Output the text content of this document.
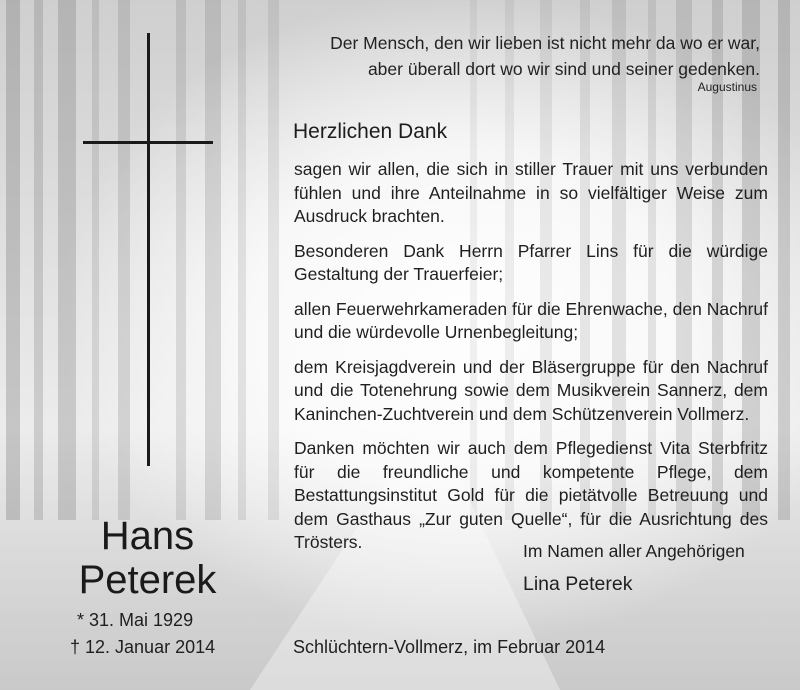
Der Mensch, den wir lieben ist nicht mehr da wo er war,
aber überall dort wo wir sind und seiner gedenken.
Augustinus
Herzlichen Dank

sagen wir allen, die sich in stiller Trauer mit uns verbunden fühlen und ihre Anteilnahme in so vielfältiger Weise zum Ausdruck brachten.

Besonderen Dank Herrn Pfarrer Lins für die würdige Gestaltung der Trauerfeier;

allen Feuerwehrkameraden für die Ehrenwache, den Nachruf und die würdevolle Urnenbegleitung;

dem Kreisjagdverein und der Bläsergruppe für den Nachruf und die Totenehrung sowie dem Musikverein Sannerz, dem Kaninchen-Zuchtverein und dem Schützenverein Vollmerz.

Danken möchten wir auch dem Pflegedienst Vita Sterbfritz für die freundliche und kompetente Pflege, dem Bestattungsinstitut Gold für die pietätvolle Betreuung und dem Gasthaus „Zur guten Quelle“, für die Ausrichtung des Trösters.	Im Namen aller Angehörigen
Lina Peterek
Hans
Peterek
* 31. Mai 1929
† 12. Januar 2014	Schlüchtern-Vollmerz, im Februar 2014
